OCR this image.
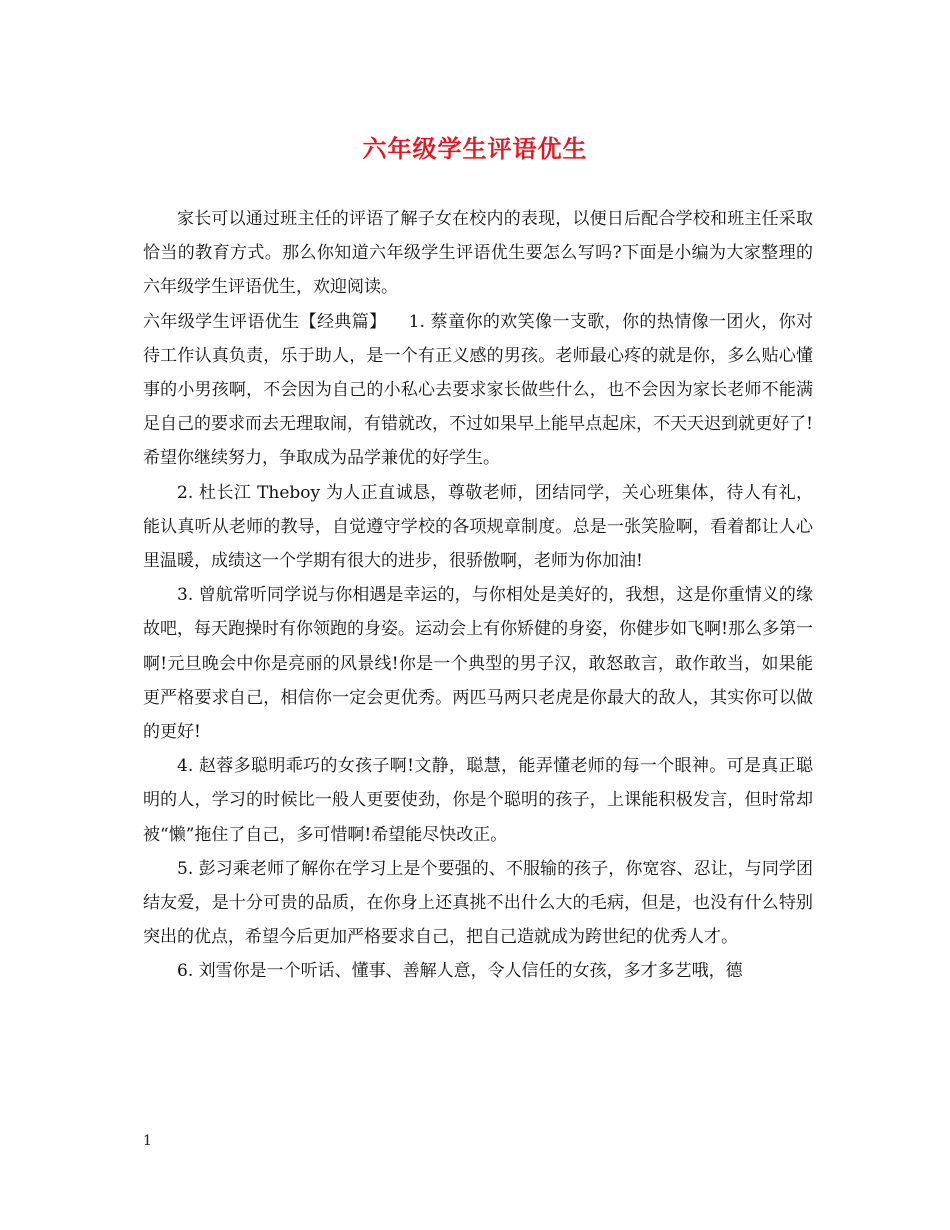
六年级学生评语优生

家长可以通过班主任的评语了解子女在校内的表现，以便日后配合学校和班主任采取恰当的教育方式。那么你知道六年级学生评语优生要怎么写吗?下面是小编为大家整理的六年级学生评语优生，欢迎阅读。

六年级学生评语优生【经典篇】 1. 蔡童你的欢笑像一支歌，你的热情像一团火，你对待工作认真负责，乐于助人，是一个有正义感的男孩。老师最心疼的就是你，多么贴心懂事的小男孩啊，不会因为自己的小私心去要求家长做些什么，也不会因为家长老师不能满足自己的要求而去无理取闹，有错就改，不过如果早上能早点起床，不天天迟到就更好了!希望你继续努力，争取成为品学兼优的好学生。

2. 杜长江 Theboy 为人正直诚恳，尊敬老师，团结同学，关心班集体，待人有礼，能认真听从老师的教导，自觉遵守学校的各项规章制度。总是一张笑脸啊，看着都让人心里温暖，成绩这一个学期有很大的进步，很骄傲啊，老师为你加油!

3. 曾航常听同学说与你相遇是幸运的，与你相处是美好的，我想，这是你重情义的缘故吧，每天跑操时有你领跑的身姿。运动会上有你矫健的身姿，你健步如飞啊!那么多第一啊!元旦晚会中你是亮丽的风景线!你是一个典型的男子汉，敢怒敢言，敢作敢当，如果能更严格要求自己，相信你一定会更优秀。两匹马两只老虎是你最大的敌人，其实你可以做的更好!

4. 赵蓉多聪明乖巧的女孩子啊!文静，聪慧，能弄懂老师的每一个眼神。可是真正聪明的人，学习的时候比一般人更要使劲，你是个聪明的孩子，上课能积极发言，但时常却被“懒”拖住了自己，多可惜啊!希望能尽快改正。

5. 彭习乘老师了解你在学习上是个要强的、不服输的孩子，你宽容、忍让，与同学团结友爱，是十分可贵的品质，在你身上还真挑不出什么大的毛病，但是，也没有什么特别突出的优点，希望今后更加严格要求自己，把自己造就成为跨世纪的优秀人才。

6. 刘雪你是一个听话、懂事、善解人意，令人信任的女孩，多才多艺哦，德

1
